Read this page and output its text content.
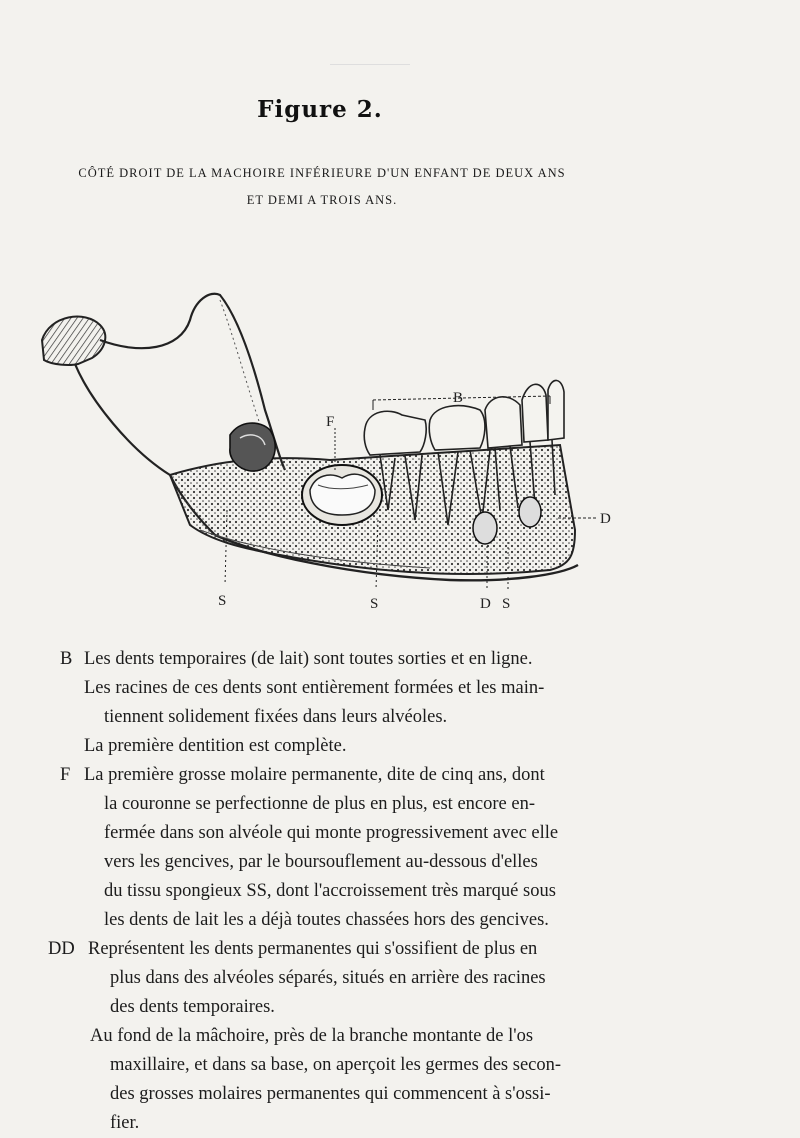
Figure 2.
CÔTÉ DROIT DE LA MACHOIRE INFÉRIEURE D'UN ENFANT DE DEUX ANS
ET DEMI A TROIS ANS.
B
F
D
S	S	D S
B Les dents temporaires (de lait) sont toutes sorties et en ligne.
Les racines de ces dents sont entièrement formées et les main-
tiennent solidement fixées dans leurs alvéoles.
La première dentition est complète.
F La première grosse molaire permanente, dite de cinq ans, dont
la couronne se perfectionne de plus en plus, est encore en-
fermée dans son alvéole qui monte progressivement avec elle
vers les gencives, par le boursouflement au-dessous d'elles
du tissu spongieux SS, dont l'accroissement très marqué sous
les dents de lait les a déjà toutes chassées hors des gencives.
DD Représentent les dents permanentes qui s'ossifient de plus en
plus dans des alvéoles séparés, situés en arrière des racines
des dents temporaires.
Au fond de la mâchoire, près de la branche montante de l'os
maxillaire, et dans sa base, on aperçoit les germes des secon-
des grosses molaires permanentes qui commencent à s'ossi-
fier.
